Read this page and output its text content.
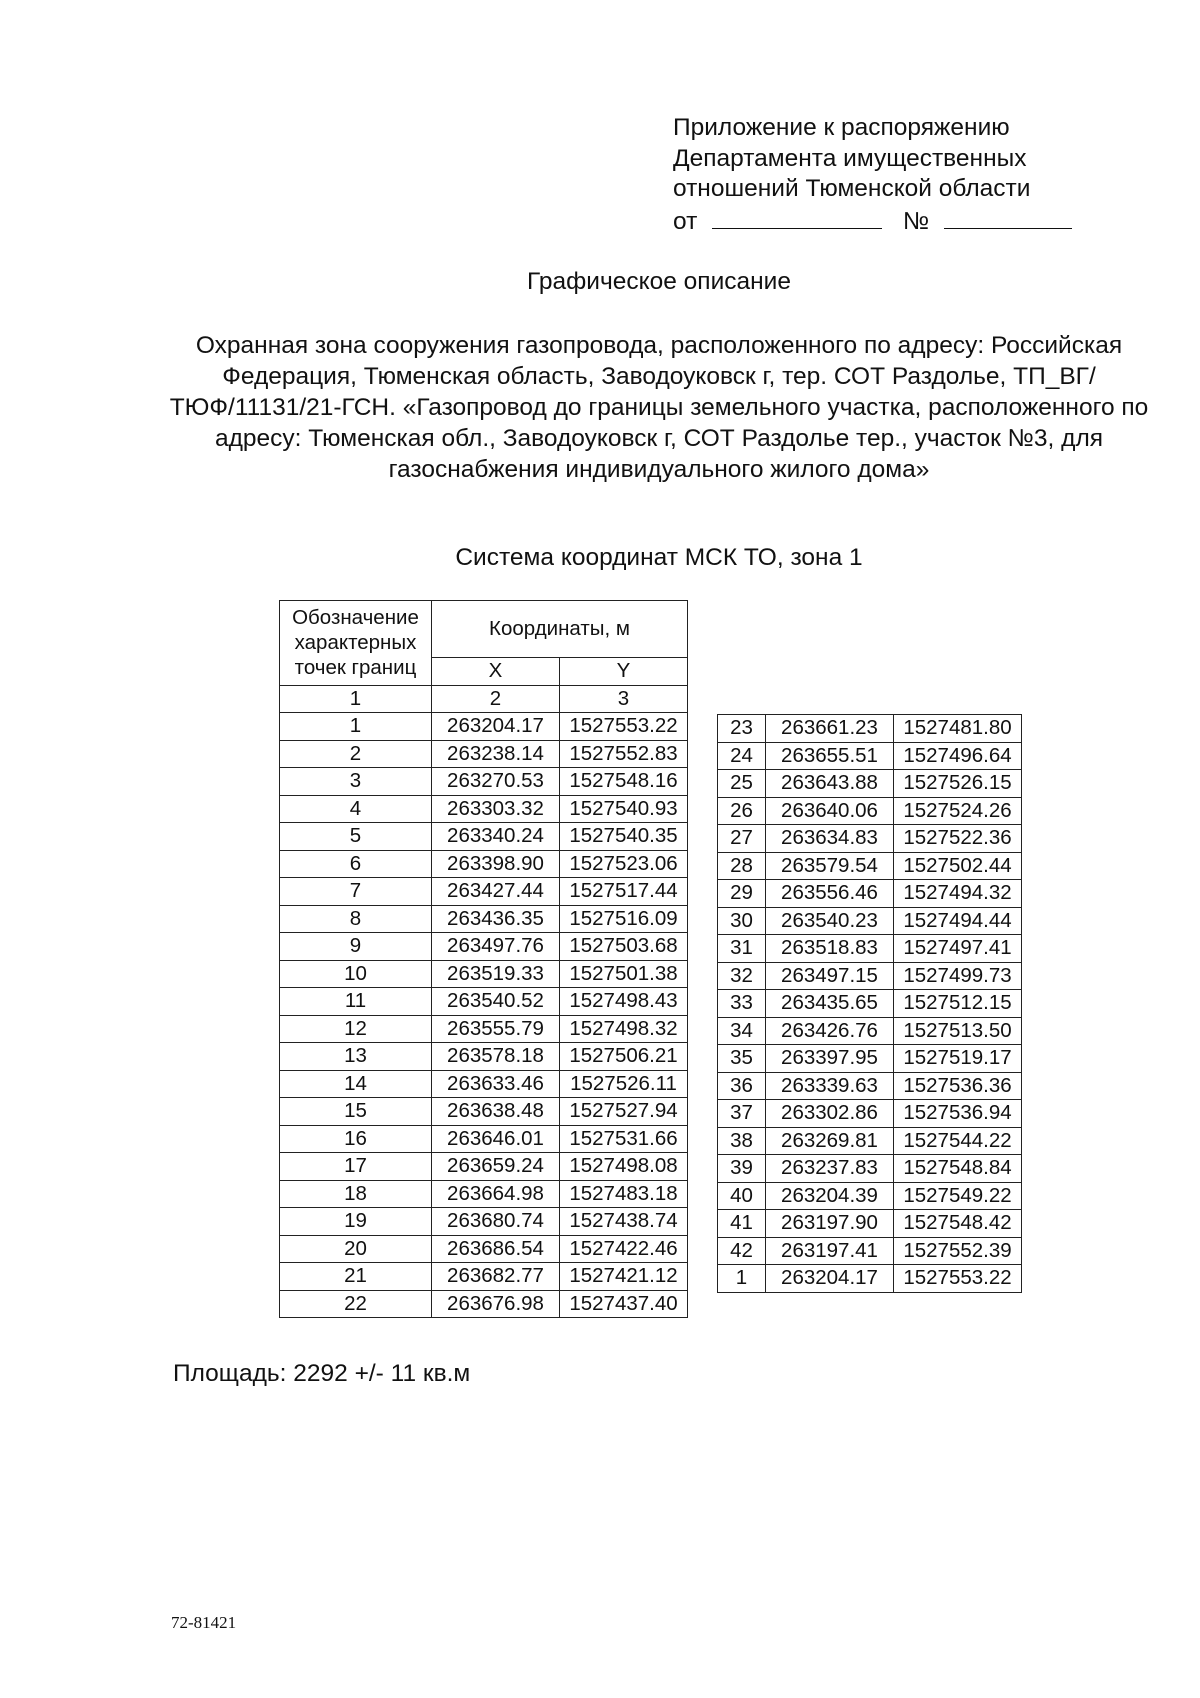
Приложение к распоряжению
Департамента имущественных
отношений Тюменской области
от	№
Графическое описание
Охранная зона сооружения газопровода, расположенного по адресу: Российская Федерация, Тюменская область, Заводоуковск г, тер. СОТ Раздолье, ТП_ВГ/ТЮФ/11131/21-ГСН. «Газопровод до границы земельного участка, расположенного по адресу: Тюменская обл., Заводоуковск г, СОТ Раздолье тер., участок №3, для газоснабжения индивидуального жилого дома»
Система координат МСК ТО, зона 1
Обозначение характерных точек границ	Координаты, м	
	X	Y
1	2	3
1	263204.17	1527553.22
2	263238.14	1527552.83
3	263270.53	1527548.16
4	263303.32	1527540.93
5	263340.24	1527540.35
6	263398.90	1527523.06
7	263427.44	1527517.44
8	263436.35	1527516.09
9	263497.76	1527503.68
10	263519.33	1527501.38
11	263540.52	1527498.43
12	263555.79	1527498.32
13	263578.18	1527506.21
14	263633.46	1527526.11
15	263638.48	1527527.94
16	263646.01	1527531.66
17	263659.24	1527498.08
18	263664.98	1527483.18
19	263680.74	1527438.74
20	263686.54	1527422.46
21	263682.77	1527421.12
22	263676.98	1527437.40
23	263661.23	1527481.80
24	263655.51	1527496.64
25	263643.88	1527526.15
26	263640.06	1527524.26
27	263634.83	1527522.36
28	263579.54	1527502.44
29	263556.46	1527494.32
30	263540.23	1527494.44
31	263518.83	1527497.41
32	263497.15	1527499.73
33	263435.65	1527512.15
34	263426.76	1527513.50
35	263397.95	1527519.17
36	263339.63	1527536.36
37	263302.86	1527536.94
38	263269.81	1527544.22
39	263237.83	1527548.84
40	263204.39	1527549.22
41	263197.90	1527548.42
42	263197.41	1527552.39
1	263204.17	1527553.22
Площадь: 2292 +/- 11 кв.м
72-81421
